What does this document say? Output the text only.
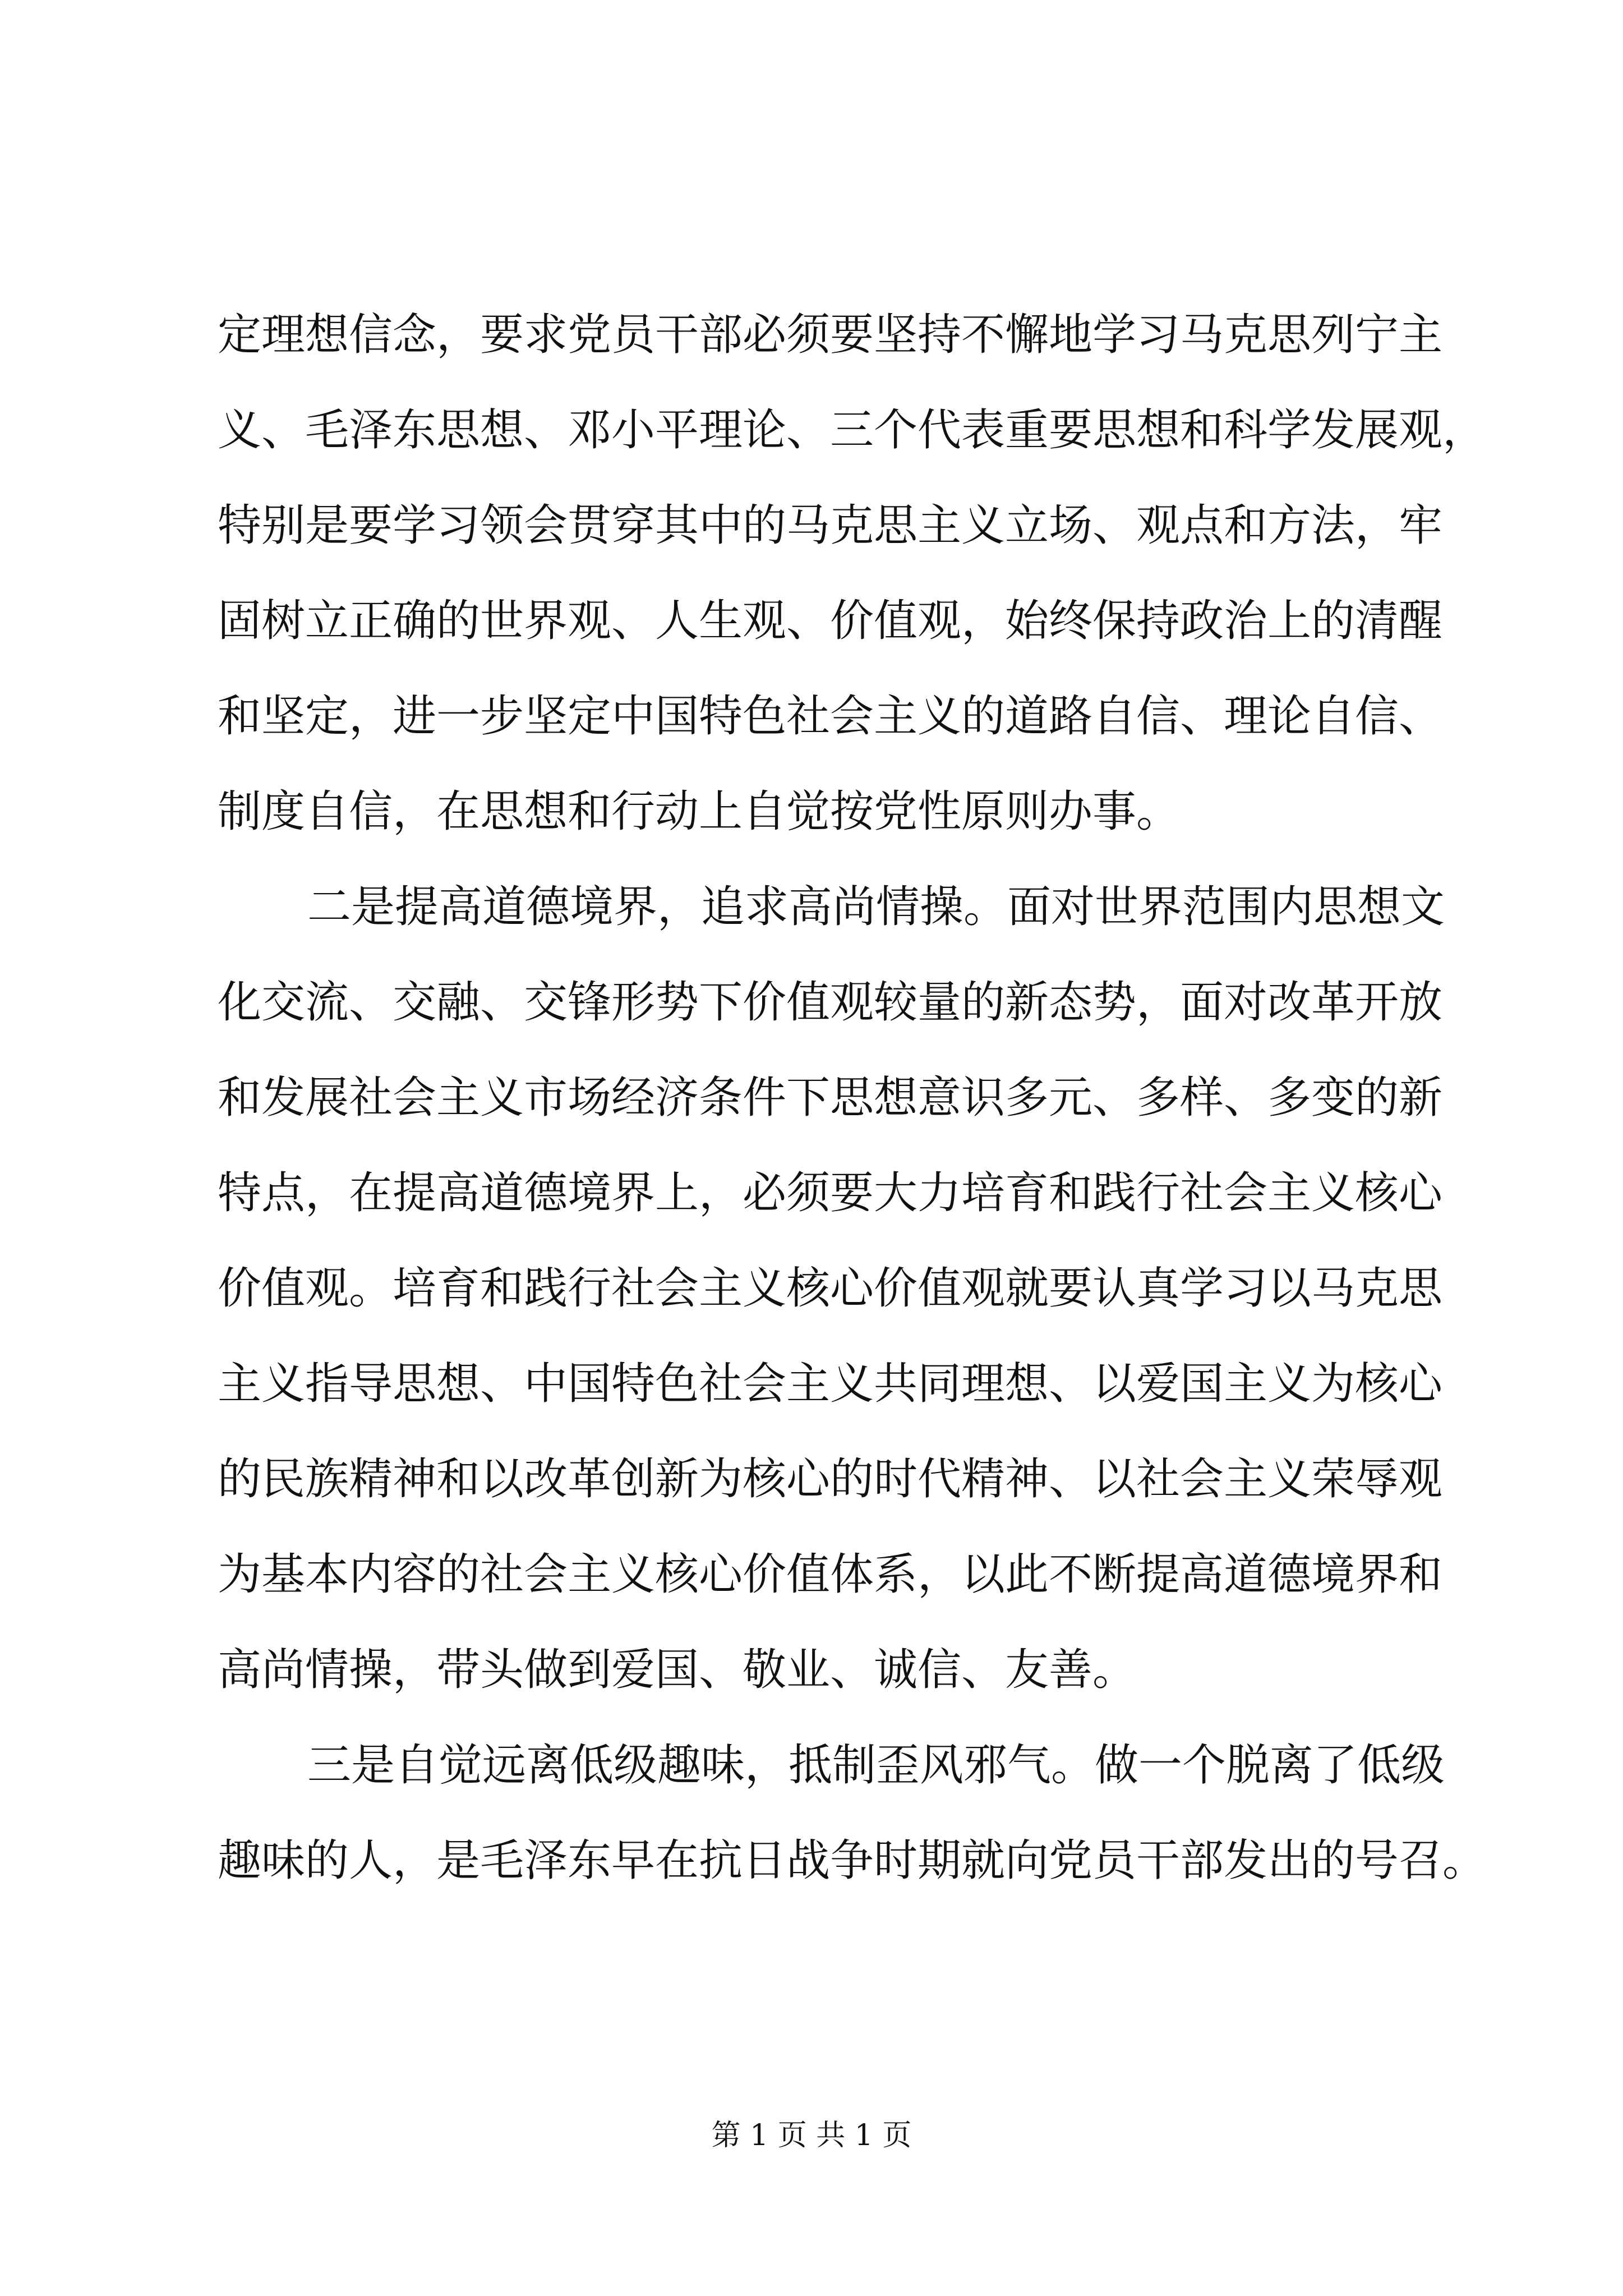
定理想信念，要求党员干部必须要坚持不懈地学习马克思列宁主
义、毛泽东思想、邓小平理论、三个代表重要思想和科学发展观，
特别是要学习领会贯穿其中的马克思主义立场、观点和方法，牢
固树立正确的世界观、人生观、价值观，始终保持政治上的清醒
和坚定，进一步坚定中国特色社会主义的道路自信、理论自信、
制度自信，在思想和行动上自觉按党性原则办事。
二是提高道德境界，追求高尚情操。面对世界范围内思想文
化交流、交融、交锋形势下价值观较量的新态势，面对改革开放
和发展社会主义市场经济条件下思想意识多元、多样、多变的新
特点，在提高道德境界上，必须要大力培育和践行社会主义核心
价值观。培育和践行社会主义核心价值观就要认真学习以马克思
主义指导思想、中国特色社会主义共同理想、以爱国主义为核心
的民族精神和以改革创新为核心的时代精神、以社会主义荣辱观
为基本内容的社会主义核心价值体系，以此不断提高道德境界和
高尚情操，带头做到爱国、敬业、诚信、友善。
三是自觉远离低级趣味，抵制歪风邪气。做一个脱离了低级
趣味的人，是毛泽东早在抗日战争时期就向党员干部发出的号召。
第 1 页 共 1 页
